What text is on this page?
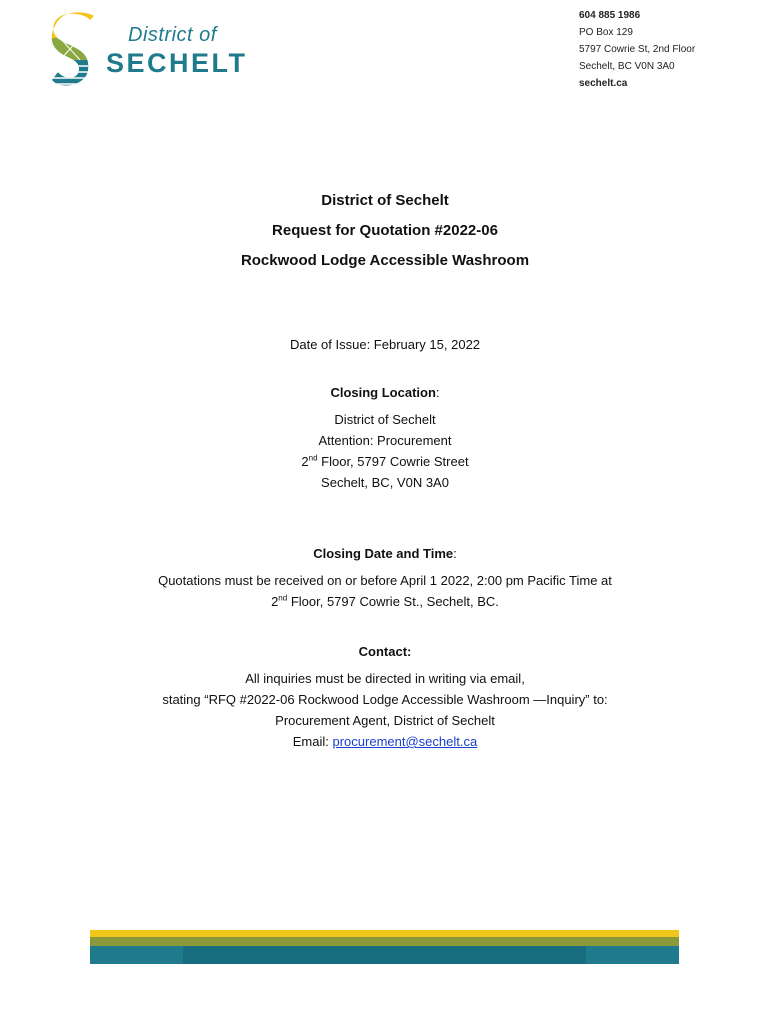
District of
SECHELT
604 885 1986
PO Box 129
5797 Cowrie St, 2nd Floor
Sechelt, BC V0N 3A0
sechelt.ca
District of Sechelt
Request for Quotation #2022-06
Rockwood Lodge Accessible Washroom
Date of Issue: February 15, 2022
Closing Location:
District of Sechelt
Attention: Procurement
2nd Floor, 5797 Cowrie Street
Sechelt, BC, V0N 3A0
Closing Date and Time:
Quotations must be received on or before April 1 2022, 2:00 pm Pacific Time at
2nd Floor, 5797 Cowrie St., Sechelt, BC.
Contact:
All inquiries must be directed in writing via email,
stating “RFQ #2022-06 Rockwood Lodge Accessible Washroom —Inquiry” to:
Procurement Agent, District of Sechelt
Email: procurement@sechelt.ca
